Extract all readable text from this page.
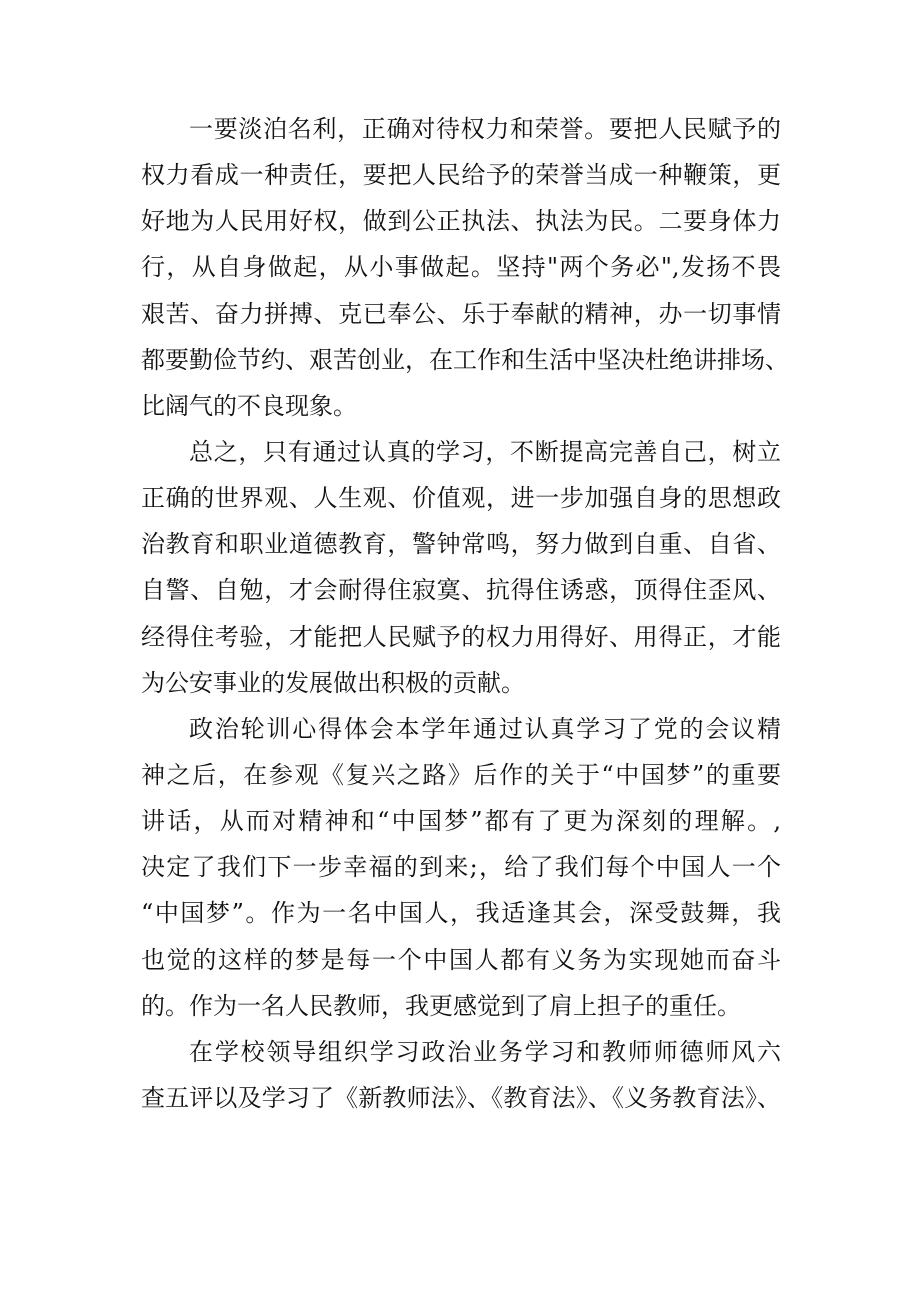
一要淡泊名利，正确对待权力和荣誉。要把人民赋予的
权力看成一种责任，要把人民给予的荣誉当成一种鞭策，更
好地为人民用好权，做到公正执法、执法为民。二要身体力
行，从自身做起，从小事做起。坚持"两个务必",发扬不畏
艰苦、奋力拼搏、克已奉公、乐于奉献的精神，办一切事情
都要勤俭节约、艰苦创业，在工作和生活中坚决杜绝讲排场、
比阔气的不良现象。
总之，只有通过认真的学习，不断提高完善自己，树立
正确的世界观、人生观、价值观，进一步加强自身的思想政
治教育和职业道德教育，警钟常鸣，努力做到自重、自省、
自警、自勉，才会耐得住寂寞、抗得住诱惑，顶得住歪风、
经得住考验，才能把人民赋予的权力用得好、用得正，才能
为公安事业的发展做出积极的贡献。
政治轮训心得体会本学年通过认真学习了党的会议精
神之后，在参观《复兴之路》后作的关于“中国梦”的重要
讲话，从而对精神和“中国梦”都有了更为深刻的理解。,
决定了我们下一步幸福的到来;，给了我们每个中国人一个
“中国梦”。作为一名中国人，我适逢其会，深受鼓舞，我
也觉的这样的梦是每一个中国人都有义务为实现她而奋斗
的。作为一名人民教师，我更感觉到了肩上担子的重任。
在学校领导组织学习政治业务学习和教师师德师风六
查五评以及学习了《新教师法》、《教育法》、《义务教育法》、
